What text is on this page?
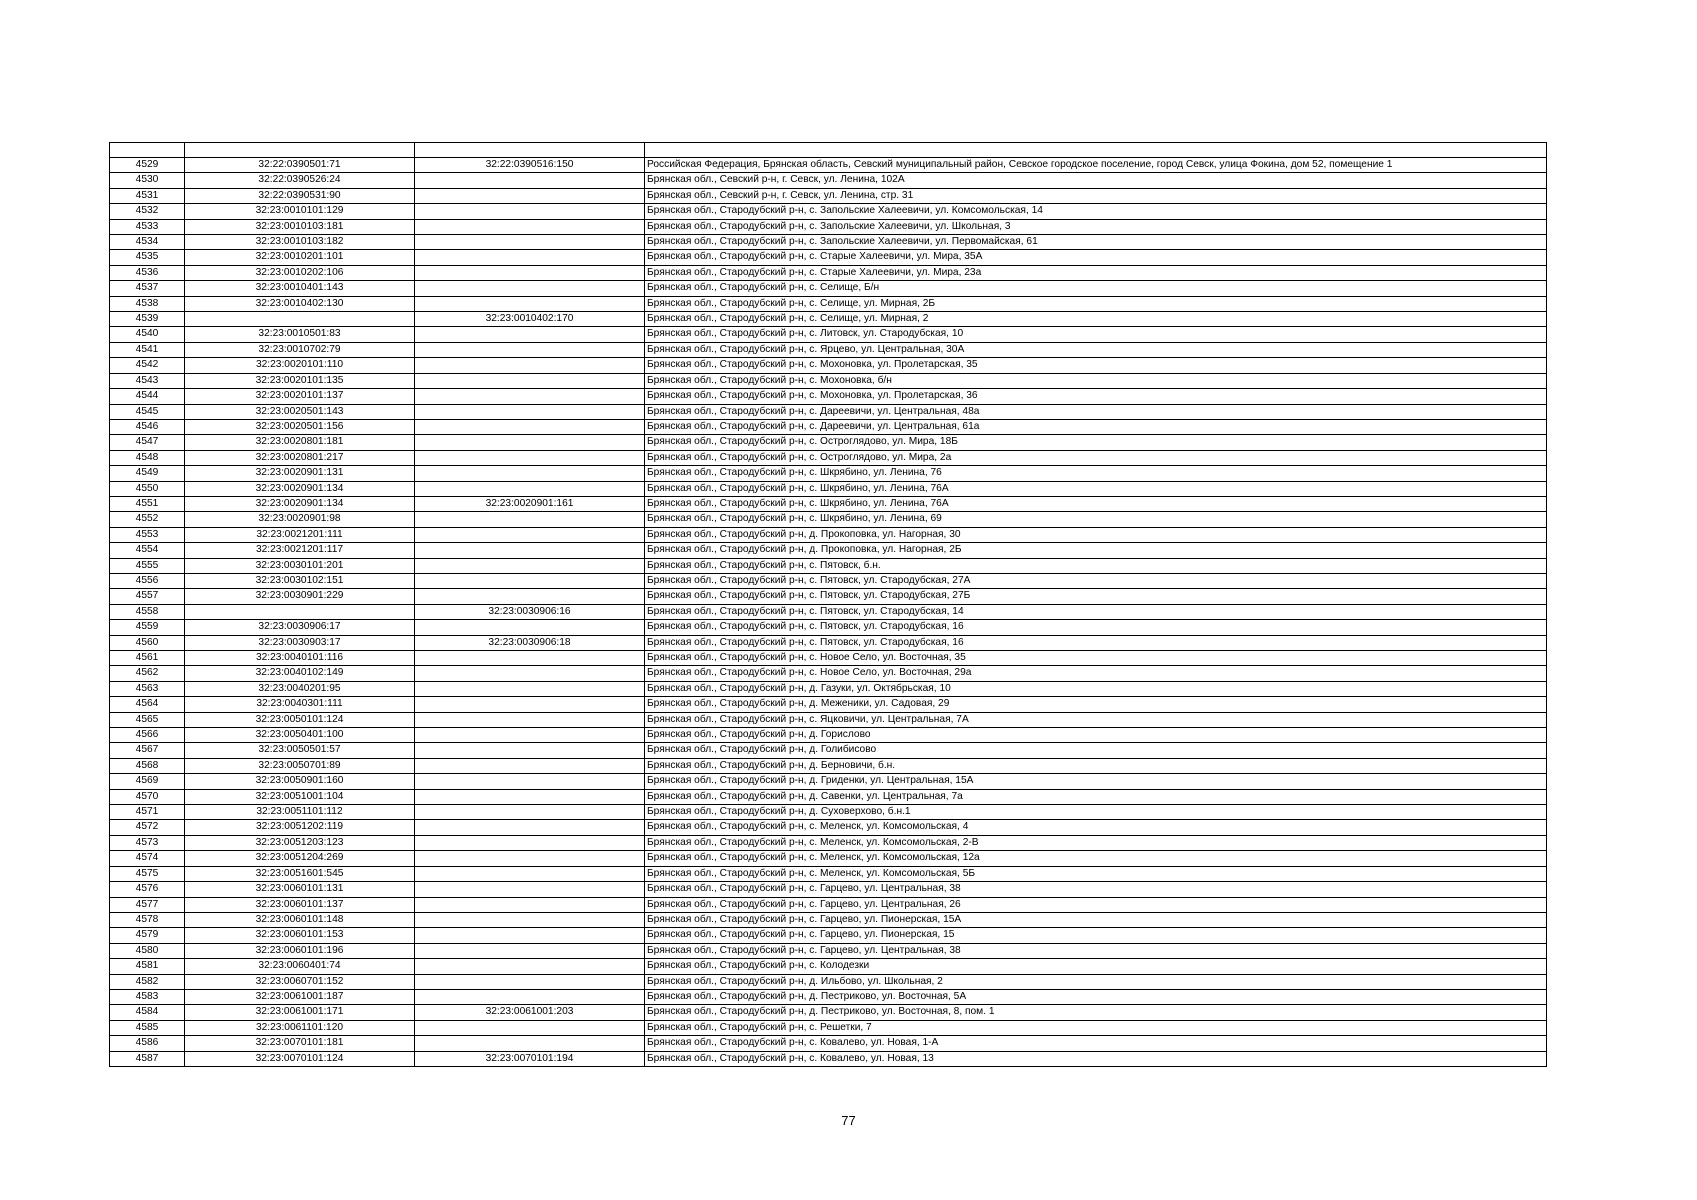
4529	32:22:0390501:71	32:22:0390516:150	Российская Федерация, Брянская область, Севский муниципальный район, Севское городское поселение, город Севск, улица Фокина, дом 52, помещение 1
4530	32:22:0390526:24		Брянская обл., Севский р-н, г. Севск, ул. Ленина, 102А
4531	32:22:0390531:90		Брянская обл., Севский р-н, г. Севск, ул. Ленина, стр. 31
4532	32:23:0010101:129		Брянская обл., Стародубский р-н, с. Запольские Халеевичи, ул. Комсомольская, 14
4533	32:23:0010103:181		Брянская обл., Стародубский р-н, с. Запольские Халеевичи, ул. Школьная, 3
4534	32:23:0010103:182		Брянская обл., Стародубский р-н, с. Запольские Халеевичи, ул. Первомайская, 61
4535	32:23:0010201:101		Брянская обл., Стародубский р-н, с. Старые Халеевичи, ул. Мира, 35А
4536	32:23:0010202:106		Брянская обл., Стародубский р-н, с. Старые Халеевичи, ул. Мира, 23а
4537	32:23:0010401:143		Брянская обл., Стародубский р-н, с. Селище, Б/н
4538	32:23:0010402:130		Брянская обл., Стародубский р-н, с. Селище, ул. Мирная, 2Б
4539		32:23:0010402:170	Брянская обл., Стародубский р-н, с. Селище, ул. Мирная, 2
4540	32:23:0010501:83		Брянская обл., Стародубский р-н, с. Литовск, ул. Стародубская, 10
4541	32:23:0010702:79		Брянская обл., Стародубский р-н, с. Ярцево, ул. Центральная, 30А
4542	32:23:0020101:110		Брянская обл., Стародубский р-н, с. Мохоновка, ул. Пролетарская, 35
4543	32:23:0020101:135		Брянская обл., Стародубский р-н, с. Мохоновка, б/н
4544	32:23:0020101:137		Брянская обл., Стародубский р-н, с. Мохоновка, ул. Пролетарская, 36
4545	32:23:0020501:143		Брянская обл., Стародубский р-н, с. Дареевичи, ул. Центральная, 48а
4546	32:23:0020501:156		Брянская обл., Стародубский р-н, с. Дареевичи, ул. Центральная, 61а
4547	32:23:0020801:181		Брянская обл., Стародубский р-н, с. Остроглядово, ул. Мира, 18Б
4548	32:23:0020801:217		Брянская обл., Стародубский р-н, с. Остроглядово, ул. Мира, 2а
4549	32:23:0020901:131		Брянская обл., Стародубский р-н, с. Шкрябино, ул. Ленина, 76
4550	32:23:0020901:134		Брянская обл., Стародубский р-н, с. Шкрябино, ул. Ленина, 76А
4551	32:23:0020901:134	32:23:0020901:161	Брянская обл., Стародубский р-н, с. Шкрябино, ул. Ленина, 76А
4552	32:23:0020901:98		Брянская обл., Стародубский р-н, с. Шкрябино, ул. Ленина, 69
4553	32:23:0021201:111		Брянская обл., Стародубский р-н, д. Прокоповка, ул. Нагорная, 30
4554	32:23:0021201:117		Брянская обл., Стародубский р-н, д. Прокоповка, ул. Нагорная, 2Б
4555	32:23:0030101:201		Брянская обл., Стародубский р-н, с. Пятовск, б.н.
4556	32:23:0030102:151		Брянская обл., Стародубский р-н, с. Пятовск, ул. Стародубская, 27А
4557	32:23:0030901:229		Брянская обл., Стародубский р-н, с. Пятовск, ул. Стародубская, 27Б
4558		32:23:0030906:16	Брянская обл., Стародубский р-н, с. Пятовск, ул. Стародубская, 14
4559	32:23:0030906:17		Брянская обл., Стародубский р-н, с. Пятовск, ул. Стародубская, 16
4560	32:23:0030903:17	32:23:0030906:18	Брянская обл., Стародубский р-н, с. Пятовск, ул. Стародубская, 16
4561	32:23:0040101:116		Брянская обл., Стародубский р-н, с. Новое Село, ул. Восточная, 35
4562	32:23:0040102:149		Брянская обл., Стародубский р-н, с. Новое Село, ул. Восточная, 29а
4563	32:23:0040201:95		Брянская обл., Стародубский р-н, д. Газуки, ул. Октябрьская, 10
4564	32:23:0040301:111		Брянская обл., Стародубский р-н, д. Меженики, ул. Садовая, 29
4565	32:23:0050101:124		Брянская обл., Стародубский р-н, с. Яцковичи, ул. Центральная, 7А
4566	32:23:0050401:100		Брянская обл., Стародубский р-н, д. Горислово
4567	32:23:0050501:57		Брянская обл., Стародубский р-н, д. Голибисово
4568	32:23:0050701:89		Брянская обл., Стародубский р-н, д. Берновичи, б.н.
4569	32:23:0050901:160		Брянская обл., Стародубский р-н, д. Гриденки, ул. Центральная, 15А
4570	32:23:0051001:104		Брянская обл., Стародубский р-н, д. Савенки, ул. Центральная, 7а
4571	32:23:0051101:112		Брянская обл., Стародубский р-н, д. Суховерхово, б.н.1
4572	32:23:0051202:119		Брянская обл., Стародубский р-н, с. Меленск, ул. Комсомольская, 4
4573	32:23:0051203:123		Брянская обл., Стародубский р-н, с. Меленск, ул. Комсомольская, 2-В
4574	32:23:0051204:269		Брянская обл., Стародубский р-н, с. Меленск, ул. Комсомольская, 12а
4575	32:23:0051601:545		Брянская обл., Стародубский р-н, с. Меленск, ул. Комсомольская, 5Б
4576	32:23:0060101:131		Брянская обл., Стародубский р-н, с. Гарцево, ул. Центральная, 38
4577	32:23:0060101:137		Брянская обл., Стародубский р-н, с. Гарцево, ул. Центральная, 26
4578	32:23:0060101:148		Брянская обл., Стародубский р-н, с. Гарцево, ул. Пионерская, 15А
4579	32:23:0060101:153		Брянская обл., Стародубский р-н, с. Гарцево, ул. Пионерская, 15
4580	32:23:0060101:196		Брянская обл., Стародубский р-н, с. Гарцево, ул. Центральная, 38
4581	32:23:0060401:74		Брянская обл., Стародубский р-н, с. Колодезки
4582	32:23:0060701:152		Брянская обл., Стародубский р-н, д. Ильбово, ул. Школьная, 2
4583	32:23:0061001:187		Брянская обл., Стародубский р-н, д. Пестриково, ул. Восточная, 5А
4584	32:23:0061001:171	32:23:0061001:203	Брянская обл., Стародубский р-н, д. Пестриково, ул. Восточная, 8, пом. 1
4585	32:23:0061101:120		Брянская обл., Стародубский р-н, с. Решетки, 7
4586	32:23:0070101:181		Брянская обл., Стародубский р-н, с. Ковалево, ул. Новая, 1-А
4587	32:23:0070101:124	32:23:0070101:194	Брянская обл., Стародубский р-н, с. Ковалево, ул. Новая, 13
77
